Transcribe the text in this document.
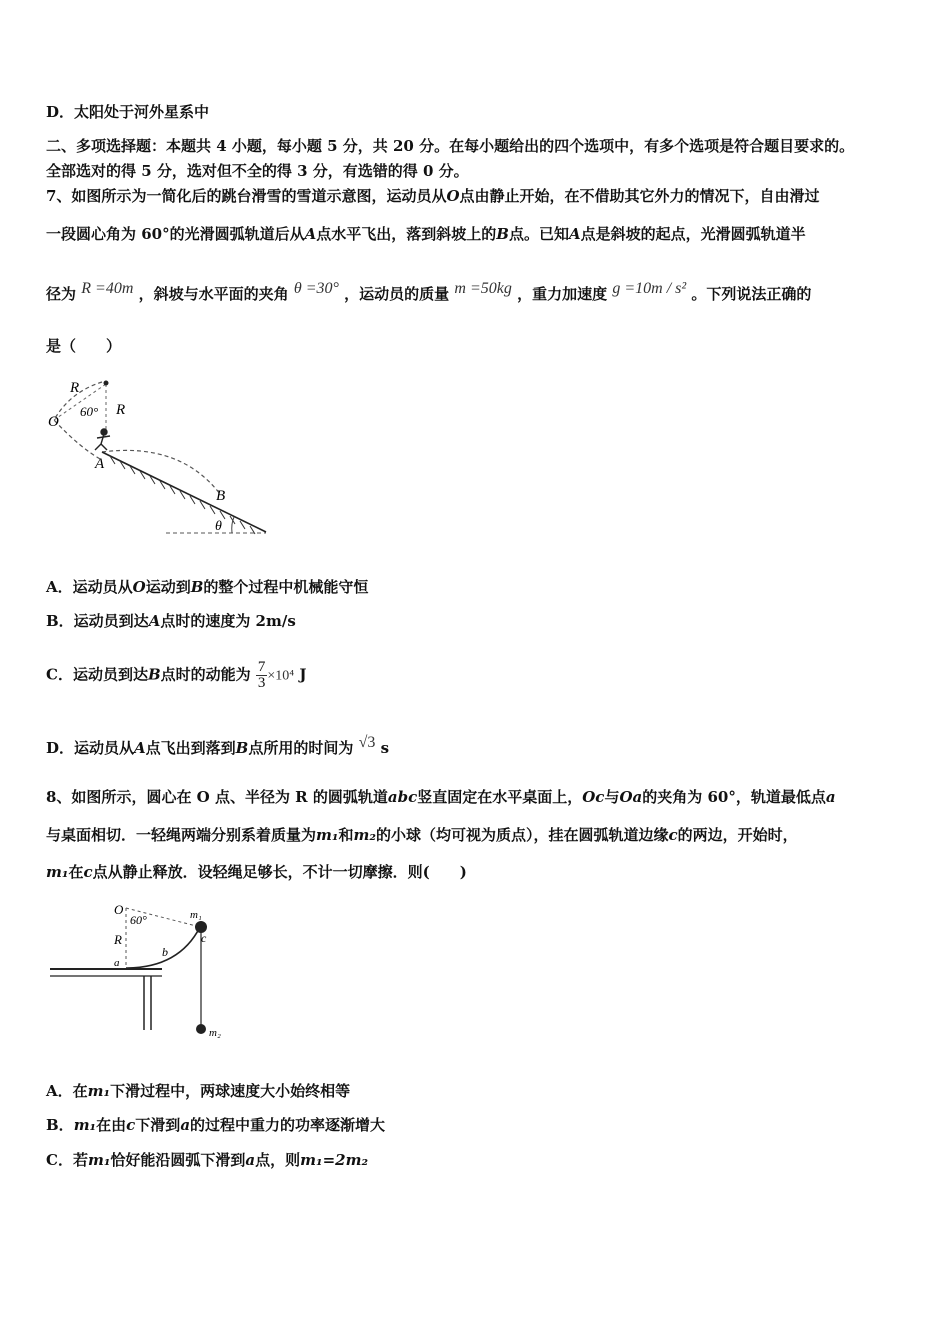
D．太阳处于河外星系中
二、多项选择题：本题共 4 小题，每小题 5 分，共 20 分。在每小题给出的四个选项中，有多个选项是符合题目要求的。
全部选对的得 5 分，选对但不全的得 3 分，有选错的得 0 分。
7、如图所示为一简化后的跳台滑雪的雪道示意图，运动员从O点由静止开始，在不借助其它外力的情况下，自由滑过
一段圆心角为 60°的光滑圆弧轨道后从A点水平飞出，落到斜坡上的B点。已知A点是斜坡的起点，光滑圆弧轨道半
径为 R =40m ，斜坡与水平面的夹角 θ =30° ，运动员的质量 m =50kg ，重力加速度 g =10m / s² 。下列说法正确的
是（　　）
R
60° R
O
A
B
θ
A．运动员从O运动到B的整个过程中机械能守恒
B．运动员到达A点时的速度为 2m/s
C．运动员到达B点时的动能为 $\frac{7}{3} \times 10^4$ J
D．运动员从A点飞出到落到B点所用的时间为 √3 s
8、如图所示，圆心在 O 点、半径为 R 的圆弧轨道abc竖直固定在水平桌面上，Oc与Oa的夹角为 60°，轨道最低点a
与桌面相切．一轻绳两端分别系着质量为m₁和m₂的小球（均可视为质点），挂在圆弧轨道边缘c的两边，开始时，
m₁在c点从静止释放．设轻绳足够长，不计一切摩擦．则(　　)
O
60°	m₁
R	c
b
a
m₂
A．在m₁下滑过程中，两球速度大小始终相等
B．m₁在由c下滑到a的过程中重力的功率逐渐增大
C．若m₁恰好能沿圆弧下滑到a点，则m₁=2m₂
